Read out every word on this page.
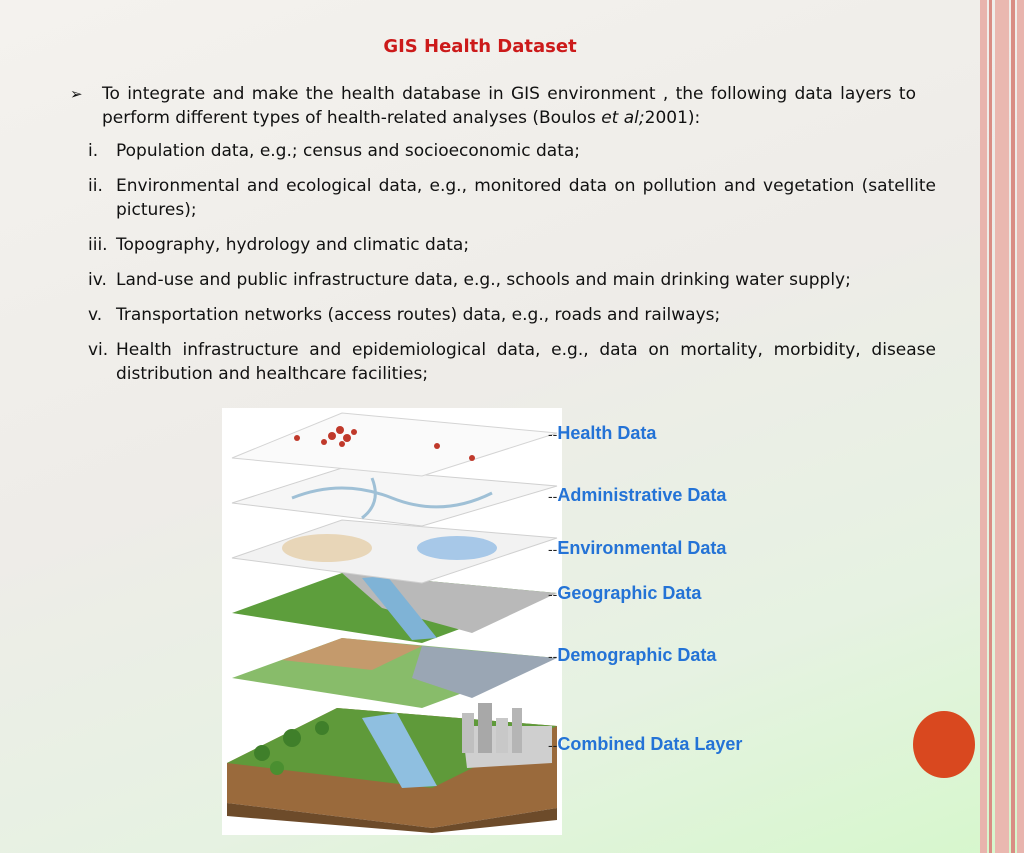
GIS Health Dataset
➢	To integrate and make the health database in GIS environment , the following data layers toperform different types of health-related analyses (Boulos et al;2001):
i.	Population data, e.g.; census and socioeconomic data;
ii. Environmental and ecological data, e.g., monitored data on pollution and vegetation (satellite pictures);
iii. Topography, hydrology and climatic data;
iv. Land-use and public infrastructure data, e.g., schools and main drinking water supply;
v. Transportation networks (access routes) data, e.g., roads and railways;
vi. Health infrastructure and epidemiological data, e.g., data on mortality, morbidity, disease distribution and healthcare facilities;
--Health Data
--Administrative Data
--Environmental Data
--Geographic Data
--Demographic Data
--Combined Data Layer
